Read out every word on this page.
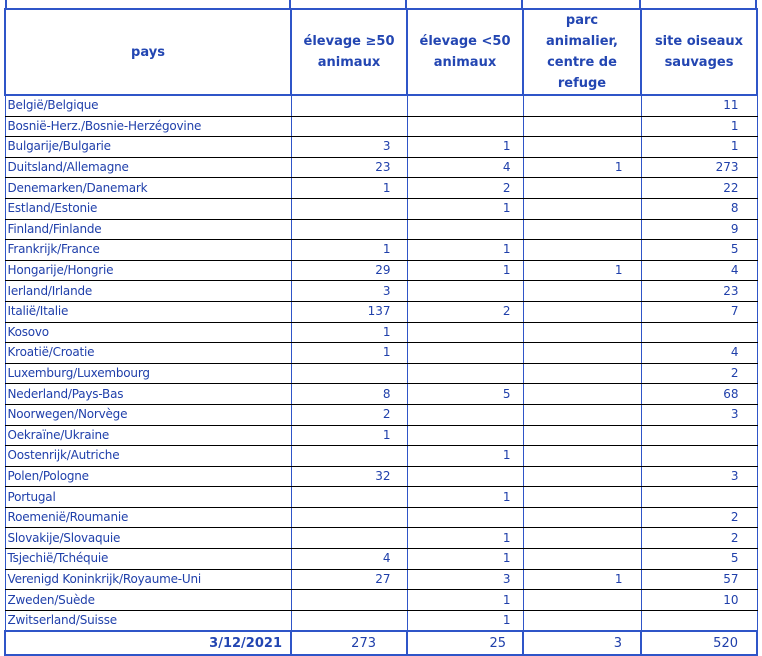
pays	élevage ≥50 animaux	élevage <50 animaux	parc animalier, centre de refuge	site oiseaux sauvages
België/Belgique				11
Bosnië-Herz./Bosnie-Herzégovine				1
Bulgarije/Bulgarie	3	1		1
Duitsland/Allemagne	23	4	1	273
Denemarken/Danemark	1	2		22
Estland/Estonie		1		8
Finland/Finlande				9
Frankrijk/France	1	1		5
Hongarije/Hongrie	29	1	1	4
Ierland/Irlande	3			23
Italië/Italie	137	2		7
Kosovo	1			
Kroatië/Croatie	1			4
Luxemburg/Luxembourg				2
Nederland/Pays-Bas	8	5		68
Noorwegen/Norvège	2			3
Oekraïne/Ukraine	1			
Oostenrijk/Autriche		1		
Polen/Pologne	32			3
Portugal		1		
Roemenië/Roumanie				2
Slovakije/Slovaquie		1		2
Tsjechië/Tchéquie	4	1		5
Verenigd Koninkrijk/Royaume-Uni	27	3	1	57
Zweden/Suède		1		10
Zwitserland/Suisse		1		
3/12/2021	273	25	3	520
